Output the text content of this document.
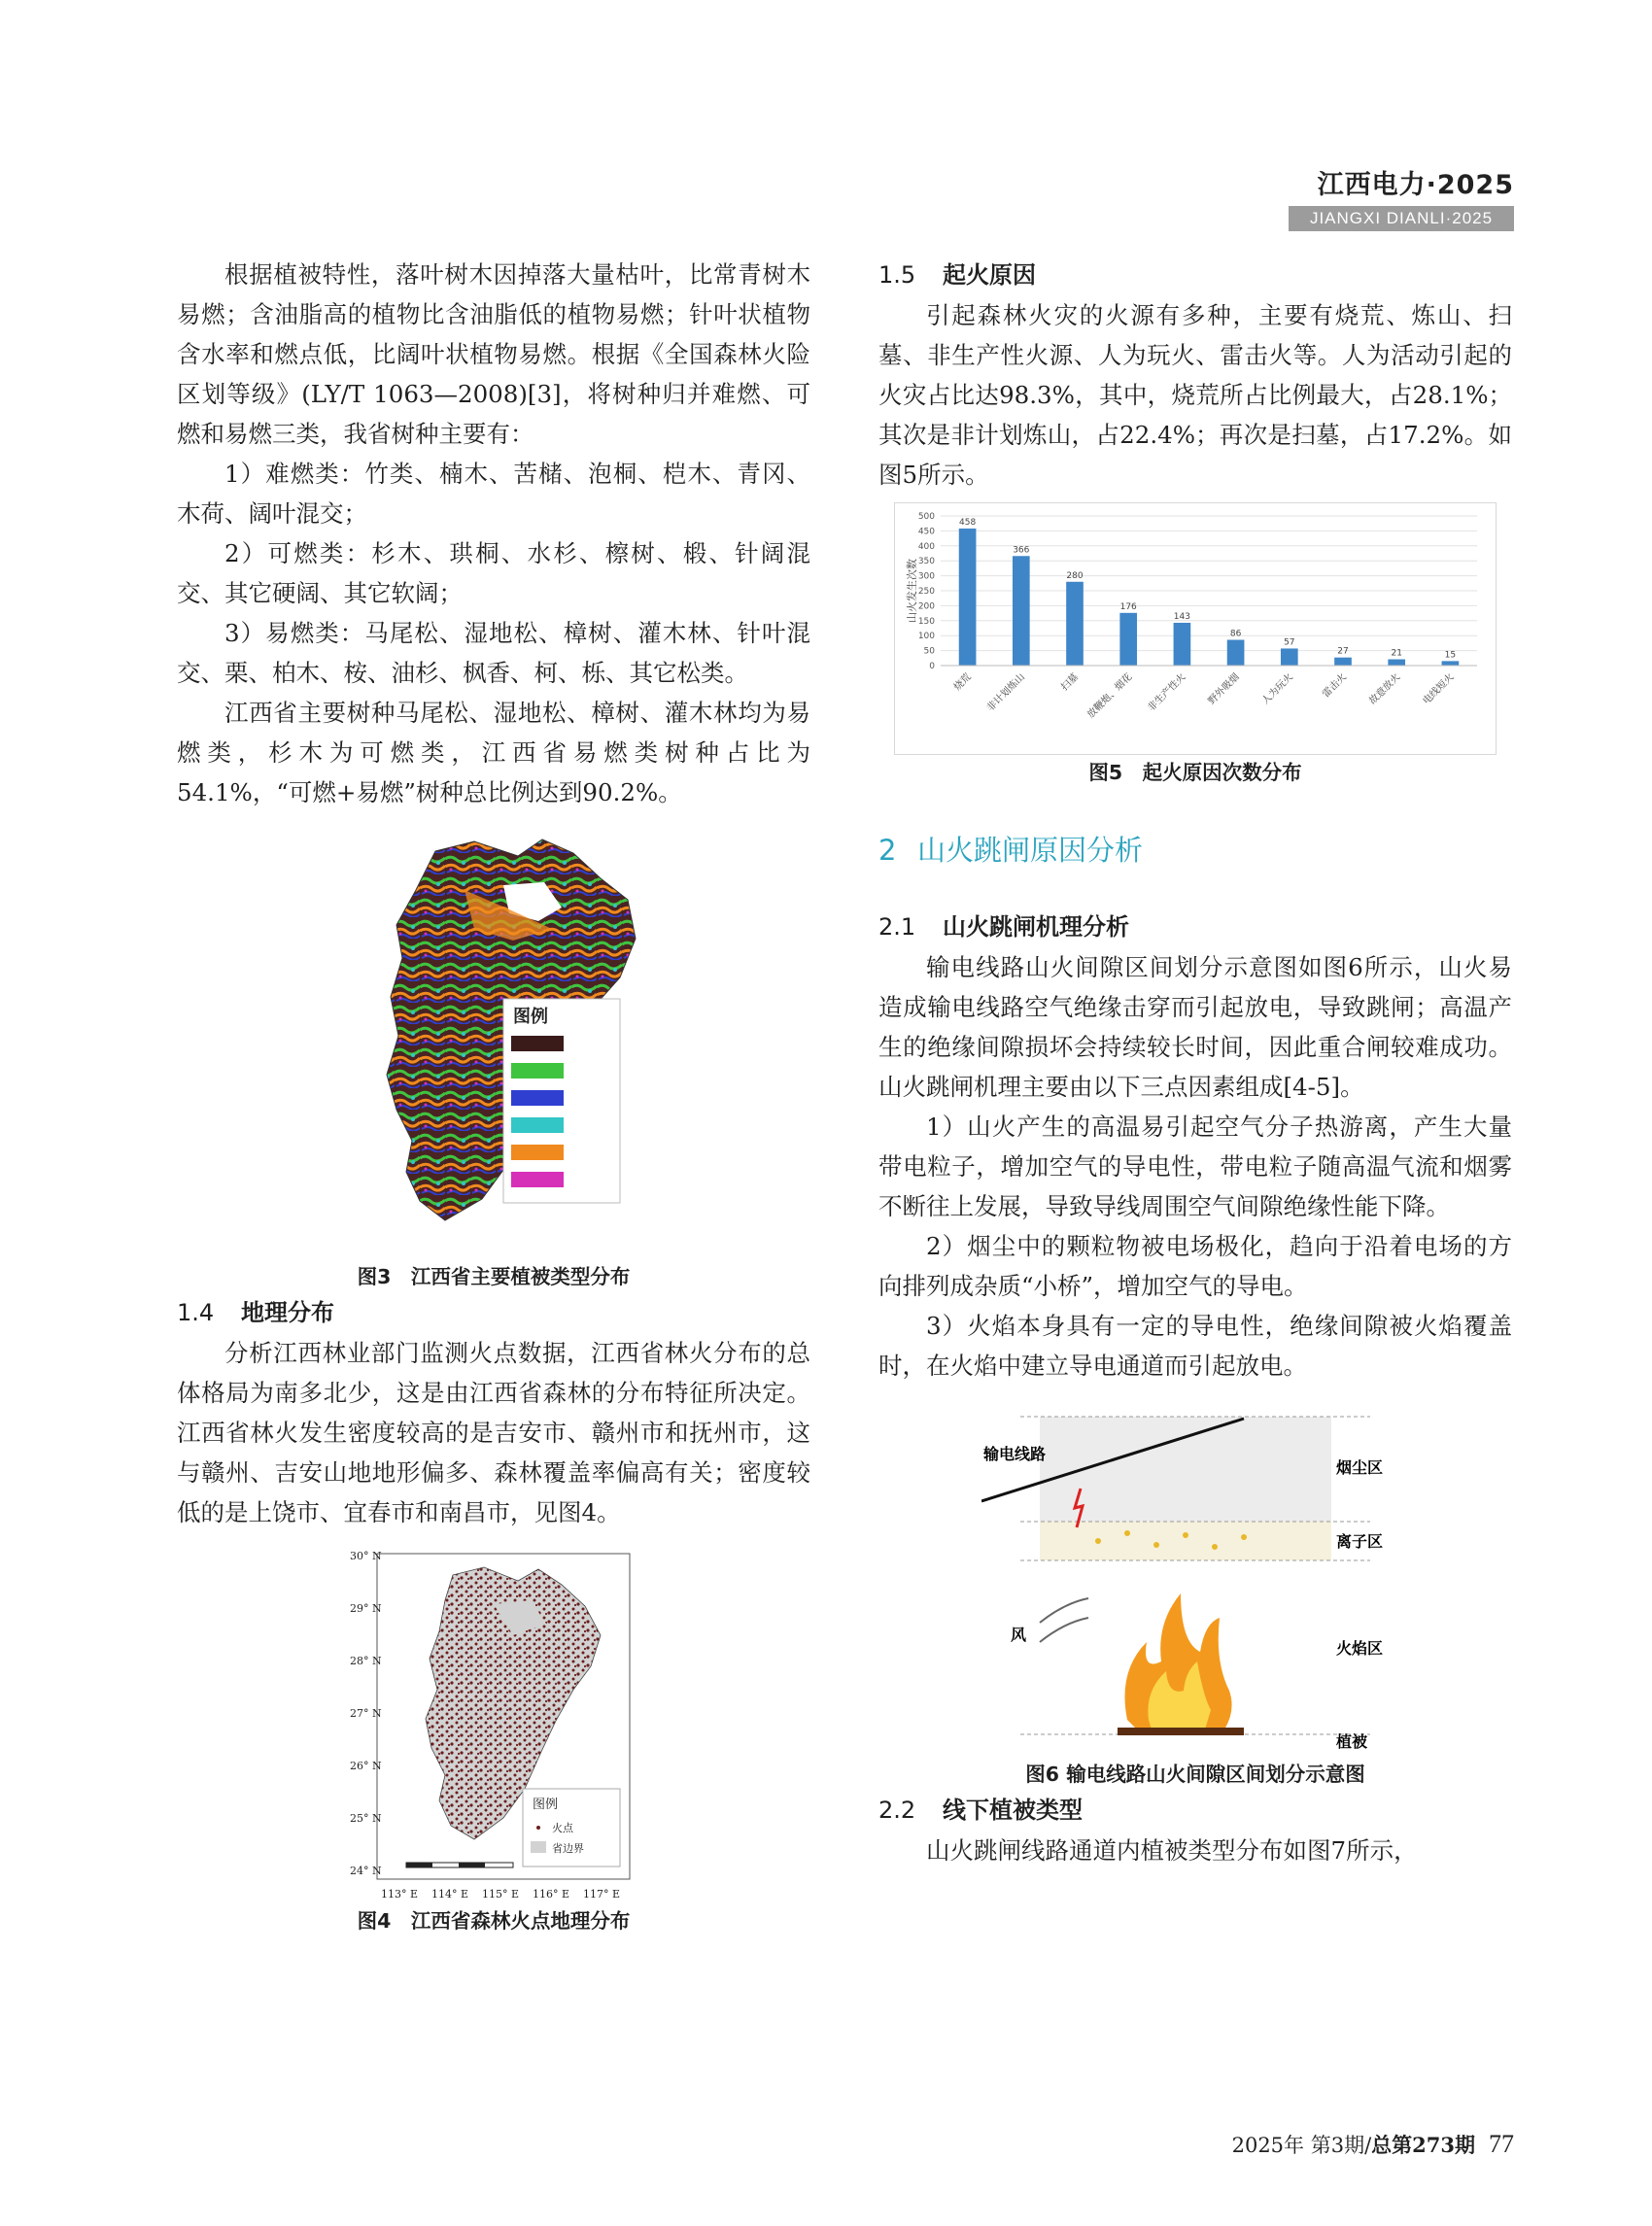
江西电力·2025
JIANGXI DIANLI·2025

根据植被特性，落叶树木因掉落大量枯叶，比常青树木易燃；含油脂高的植物比含油脂低的植物易燃；针叶状植物含水率和燃点低，比阔叶状植物易燃。根据《全国森林火险区划等级》(LY/T 1063—2008)[3]，将树种归并难燃、可燃和易燃三类，我省树种主要有：

1）难燃类：竹类、楠木、苦槠、泡桐、桤木、青冈、木荷、阔叶混交；

2）可燃类：杉木、珙桐、水杉、檫树、椴、针阔混交、其它硬阔、其它软阔；

3）易燃类：马尾松、湿地松、樟树、灌木林、针叶混交、栗、柏木、桉、油杉、枫香、柯、栎、其它松类。

江西省主要树种马尾松、湿地松、樟树、灌木林均为易燃类，杉木为可燃类，江西省易燃类树种占比为54.1%，“可燃+易燃”树种总比例达到90.2%。

图例

图3　江西省主要植被类型分布

1.4 地理分布

分析江西林业部门监测火点数据，江西省林火分布的总体格局为南多北少，这是由江西省森林的分布特征所决定。江西省林火发生密度较高的是吉安市、赣州市和抚州市，这与赣州、吉安山地地形偏多、森林覆盖率偏高有关；密度较低的是上饶市、宜春市和南昌市，见图4。

图例
火点
省边界
30° N
29° N
28° N
27° N
26° N
25° N
24° N
113° E 114° E 115° E 116° E 117° E

图4　江西省森林火点地理分布

1.5 起火原因

引起森林火灾的火源有多种，主要有烧荒、炼山、扫墓、非生产性火源、人为玩火、雷击火等。人为活动引起的火灾占比达98.3%，其中，烧荒所占比例最大，占28.1%；其次是非计划炼山，占22.4%；再次是扫墓，占17.2%。如图5所示。

0
50
100
150
200
250
300
350
400
450
500
山火发生次数
458
烧荒
366
非计划炼山
280
扫墓
176
放鞭炮、烟花
143
非生产性火
86
野外吸烟
57
人为玩火
27
雷击火
21
故意放火
15
电线短火

图5　起火原因次数分布

2 山火跳闸原因分析

2.1 山火跳闸机理分析

输电线路山火间隙区间划分示意图如图6所示，山火易造成输电线路空气绝缘击穿而引起放电，导致跳闸；高温产生的绝缘间隙损坏会持续较长时间，因此重合闸较难成功。山火跳闸机理主要由以下三点因素组成[4-5]。

1）山火产生的高温易引起空气分子热游离，产生大量带电粒子，增加空气的导电性，带电粒子随高温气流和烟雾不断往上发展，导致导线周围空气间隙绝缘性能下降。

2）烟尘中的颗粒物被电场极化，趋向于沿着电场的方向排列成杂质“小桥”，增加空气的导电。

3）火焰本身具有一定的导电性，绝缘间隙被火焰覆盖时，在火焰中建立导电通道而引起放电。

输电线路
风
烟尘区
离子区
火焰区
植被

图6 输电线路山火间隙区间划分示意图

2.2 线下植被类型

山火跳闸线路通道内植被类型分布如图7所示，

2025年 第3期/总第273期 77
